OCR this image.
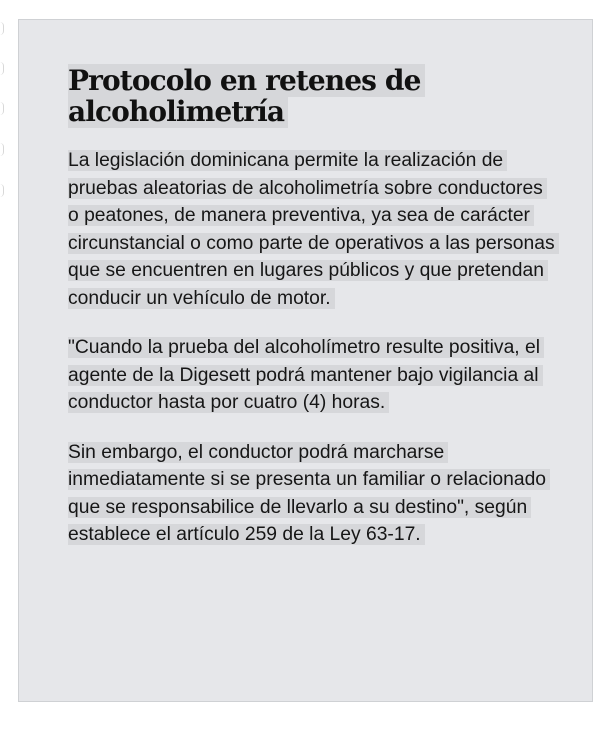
Protocolo en retenes de alcoholimetría

La legislación dominicana permite la realización de pruebas aleatorias de alcoholimetría sobre conductores o peatones, de manera preventiva, ya sea de carácter circunstancial o como parte de operativos a las personas que se encuentren en lugares públicos y que pretendan conducir un vehículo de motor.

"Cuando la prueba del alcoholímetro resulte positiva, el agente de la Digesett podrá mantener bajo vigilancia al conductor hasta por cuatro (4) horas.

Sin embargo, el conductor podrá marcharse inmediatamente si se presenta un familiar o relacionado que se responsabilice de llevarlo a su destino", según establece el artículo 259 de la Ley 63-17.
